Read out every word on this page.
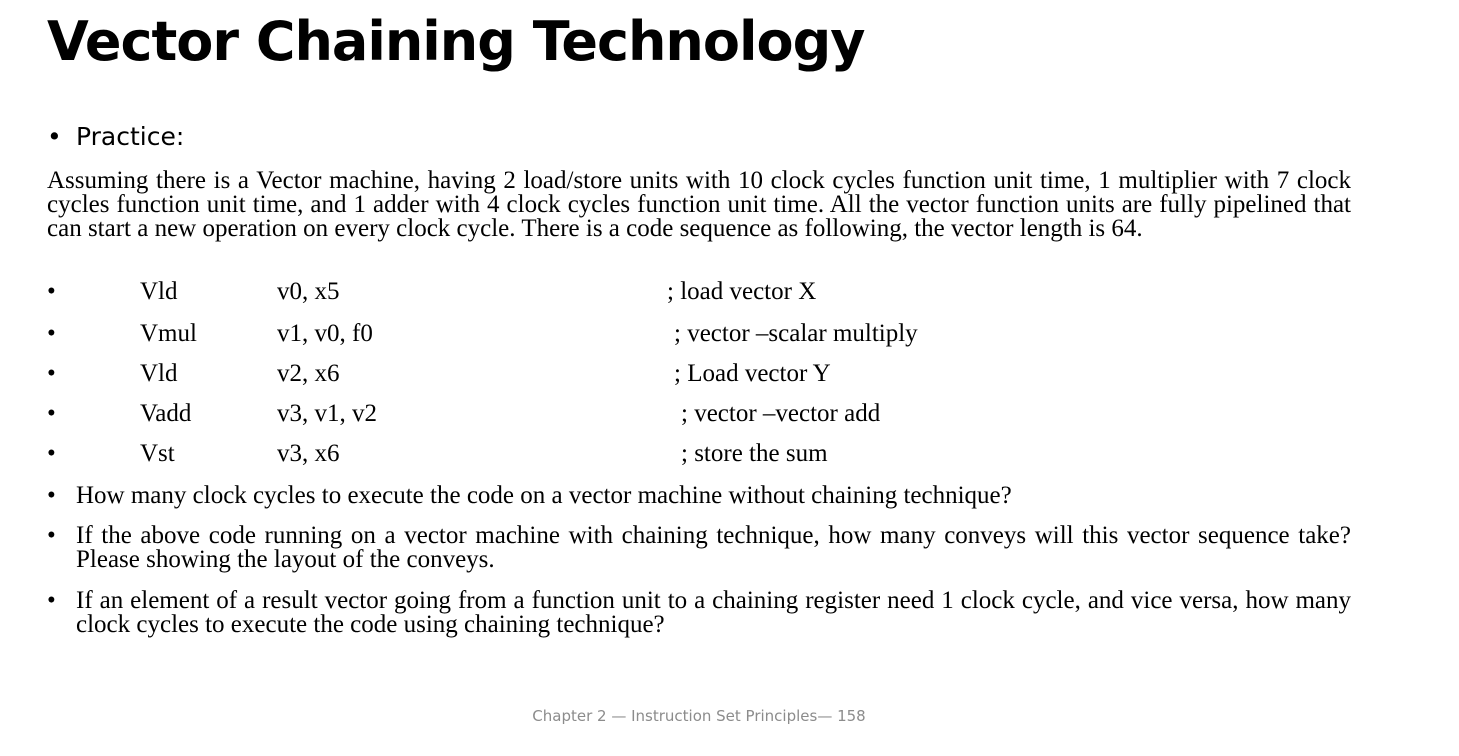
Vector Chaining Technology
• Practice:

Assuming there is a Vector machine, having 2 load/store units with 10 clock cycles function unit time, 1 multiplier with 7 clock cycles function unit time, and 1 adder with 4 clock cycles function unit time. All the vector function units are fully pipelined that can start a new operation on every clock cycle. There is a code sequence as following, the vector length is 64.

•	Vld	v0, x5	; load vector X
•	Vmul	v1, v0, f0	; vector –scalar multiply
•	Vld	v2, x6	; Load vector Y
•	Vadd	v3, v1, v2	; vector –vector add
•	Vst	v3, x6	; store the sum
• How many clock cycles to execute the code on a vector machine without chaining technique?
• If the above code running on a vector machine with chaining technique, how many conveys will this vector sequence take? Please showing the layout of the conveys.
• If an element of a result vector going from a function unit to a chaining register need 1 clock cycle, and vice versa, how many clock cycles to execute the code using chaining technique?
Chapter 2 — Instruction Set Principles— 158
